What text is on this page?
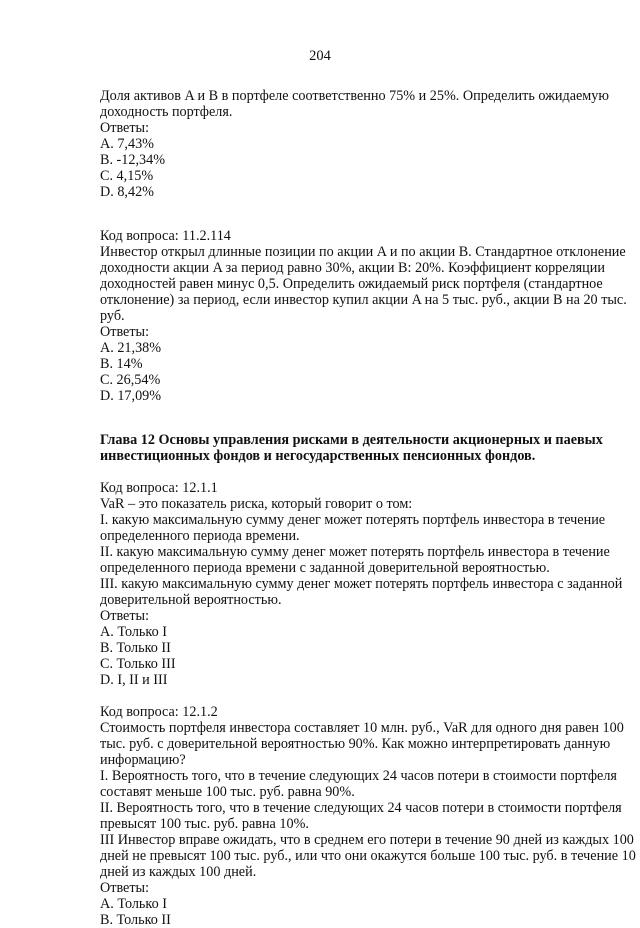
204
Доля активов A и B в портфеле соответственно 75% и 25%. Определить ожидаемую
доходность портфеля.
Ответы:
A. 7,43%
B. -12,34%
C. 4,15%
D. 8,42%
Код вопроса: 11.2.114
Инвестор открыл длинные позиции по акции A и по акции B. Стандартное отклонение
доходности акции A за период равно 30%, акции B: 20%. Коэффициент корреляции
доходностей равен минус 0,5. Определить ожидаемый риск портфеля (стандартное
отклонение) за период, если инвестор купил акции A на 5 тыс. руб., акции B на 20 тыс.
руб.
Ответы:
A. 21,38%
B. 14%
C. 26,54%
D. 17,09%
Глава 12 Основы управления рисками в деятельности акционерных и паевых
инвестиционных фондов и негосударственных пенсионных фондов.
Код вопроса: 12.1.1
VaR – это показатель риска, который говорит о том:
I. какую максимальную сумму денег может потерять портфель инвестора в течение
определенного периода времени.
II. какую максимальную сумму денег может потерять портфель инвестора в течение
определенного периода времени с заданной доверительной вероятностью.
III. какую максимальную сумму денег может потерять портфель инвестора с заданной
доверительной вероятностью.
Ответы:
A. Только I
B. Только II
C. Только III
D. I, II и III
Код вопроса: 12.1.2
Стоимость портфеля инвестора составляет 10 млн. руб., VaR для одного дня равен 100
тыс. руб. с доверительной вероятностью 90%. Как можно интерпретировать данную
информацию?
I. Вероятность того, что в течение следующих 24 часов потери в стоимости портфеля
составят меньше 100 тыс. руб. равна 90%.
II. Вероятность того, что в течение следующих 24 часов потери в стоимости портфеля
превысят 100 тыс. руб. равна 10%.
III Инвестор вправе ожидать, что в среднем его потери в течение 90 дней из каждых 100
дней не превысят 100 тыс. руб., или что они окажутся больше 100 тыс. руб. в течение 10
дней из каждых 100 дней.
Ответы:
A. Только I
B. Только II
